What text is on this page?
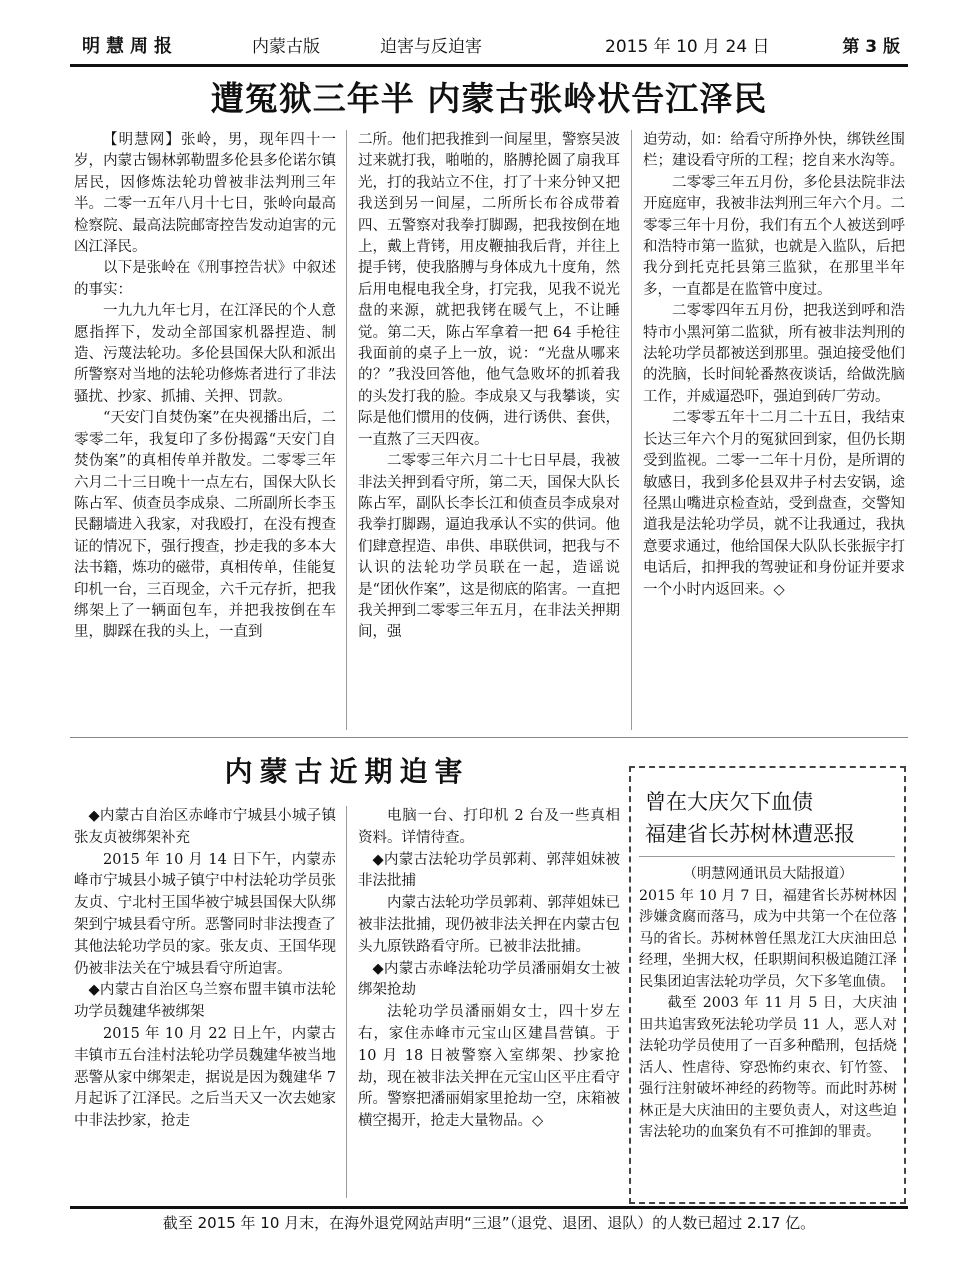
明慧周报	内蒙古版	迫害与反迫害	2015 年 10 月 24 日	第 3 版
遭冤狱三年半 内蒙古张岭状告江泽民

【明慧网】张岭，男，现年四十一岁，内蒙古锡林郭勒盟多伦县多伦诺尔镇居民，因修炼法轮功曾被非法判刑三年半。二零一五年八月十七日，张岭向最高检察院、最高法院邮寄控告发动迫害的元凶江泽民。

以下是张岭在《刑事控告状》中叙述的事实：

一九九九年七月，在江泽民的个人意愿指挥下，发动全部国家机器捏造、制造、污蔑法轮功。多伦县国保大队和派出所警察对当地的法轮功修炼者进行了非法骚扰、抄家、抓捕、关押、罚款。

“天安门自焚伪案”在央视播出后，二零零二年，我复印了多份揭露“天安门自焚伪案”的真相传单并散发。二零零三年六月二十三日晚十一点左右，国保大队长陈占军、侦查员李成泉、二所副所长李玉民翻墙进入我家，对我殴打，在没有搜查证的情况下，强行搜查，抄走我的多本大法书籍，炼功的磁带，真相传单，佳能复印机一台，三百现金，六千元存折，把我绑架上了一辆面包车，并把我按倒在车里，脚踩在我的头上，一直到

二所。他们把我推到一间屋里，警察吴波过来就打我，啪啪的，胳膊抡圆了扇我耳光，打的我站立不住，打了十来分钟又把我送到另一间屋，二所所长布谷成带着四、五警察对我拳打脚踢，把我按倒在地上，戴上背铐，用皮鞭抽我后背，并往上提手铐，使我胳膊与身体成九十度角，然后用电棍电我全身，打完我，见我不说光盘的来源，就把我铐在暖气上，不让睡觉。第二天，陈占军拿着一把 64 手枪往我面前的桌子上一放，说：“光盘从哪来的？”我没回答他，他气急败坏的抓着我的头发打我的脸。李成泉又与我攀谈，实际是他们惯用的伎俩，进行诱供、套供，一直熬了三天四夜。

二零零三年六月二十七日早晨，我被非法关押到看守所，第二天，国保大队长陈占军，副队长李长江和侦查员李成泉对我拳打脚踢，逼迫我承认不实的供词。他们肆意捏造、串供、串联供词，把我与不认识的法轮功学员联在一起，造谣说是“团伙作案”，这是彻底的陷害。一直把我关押到二零零三年五月，在非法关押期间，强

迫劳动，如：给看守所挣外快，绑铁丝围栏；建设看守所的工程；挖自来水沟等。

二零零三年五月份，多伦县法院非法开庭庭审，我被非法判刑三年六个月。二零零三年十月份，我们有五个人被送到呼和浩特市第一监狱，也就是入监队，后把我分到托克托县第三监狱，在那里半年多，一直都是在监管中度过。

二零零四年五月份，把我送到呼和浩特市小黑河第二监狱，所有被非法判刑的法轮功学员都被送到那里。强迫接受他们的洗脑，长时间轮番熬夜谈话，给做洗脑工作，并威逼恐吓，强迫到砖厂劳动。

二零零五年十二月二十五日，我结束长达三年六个月的冤狱回到家，但仍长期受到监视。二零一二年十月份，是所谓的敏感日，我到多伦县双井子村去安锅，途径黑山嘴进京检查站，受到盘查，交警知道我是法轮功学员，就不让我通过，我执意要求通过，他给国保大队队长张振宇打电话后，扣押我的驾驶证和身份证并要求一个小时内返回来。◇

内蒙古近期迫害

◆内蒙古自治区赤峰市宁城县小城子镇张友贞被绑架补充

2015 年 10 月 14 日下午，内蒙赤峰市宁城县小城子镇宁中村法轮功学员张友贞、宁北村王国华被宁城县国保大队绑架到宁城县看守所。恶警同时非法搜查了其他法轮功学员的家。张友贞、王国华现仍被非法关在宁城县看守所迫害。

◆内蒙古自治区乌兰察布盟丰镇市法轮功学员魏建华被绑架

2015 年 10 月 22 日上午，内蒙古丰镇市五台洼村法轮功学员魏建华被当地恶警从家中绑架走，据说是因为魏建华 7 月起诉了江泽民。之后当天又一次去她家中非法抄家，抢走

电脑一台、打印机 2 台及一些真相资料。详情待查。

◆内蒙古法轮功学员郭莉、郭萍姐妹被非法批捕

内蒙古法轮功学员郭莉、郭萍姐妹已被非法批捕，现仍被非法关押在内蒙古包头九原铁路看守所。已被非法批捕。

◆内蒙古赤峰法轮功学员潘丽娟女士被绑架抢劫

法轮功学员潘丽娟女士，四十岁左右，家住赤峰市元宝山区建昌营镇。于 10 月 18 日被警察入室绑架、抄家抢劫，现在被非法关押在元宝山区平庄看守所。警察把潘丽娟家里抢劫一空，床箱被横空揭开，抢走大量物品。◇

曾在大庆欠下血债
福建省长苏树林遭恶报

（明慧网通讯员大陆报道）

2015 年 10 月 7 日，福建省长苏树林因涉嫌贪腐而落马，成为中共第一个在位落马的省长。苏树林曾任黑龙江大庆油田总经理，坐拥大权，任职期间积极追随江泽民集团迫害法轮功学员，欠下多笔血债。

截至 2003 年 11 月 5 日，大庆油田共追害致死法轮功学员 11 人，恶人对法轮功学员使用了一百多种酷刑，包括烧活人、性虐待、穿恐怖约束衣、钉竹签、强行注射破坏神经的药物等。而此时苏树林正是大庆油田的主要负责人，对这些迫害法轮功的血案负有不可推卸的罪责。

截至 2015 年 10 月末，在海外退党网站声明“三退”（退党、退团、退队）的人数已超过 2.17 亿。
